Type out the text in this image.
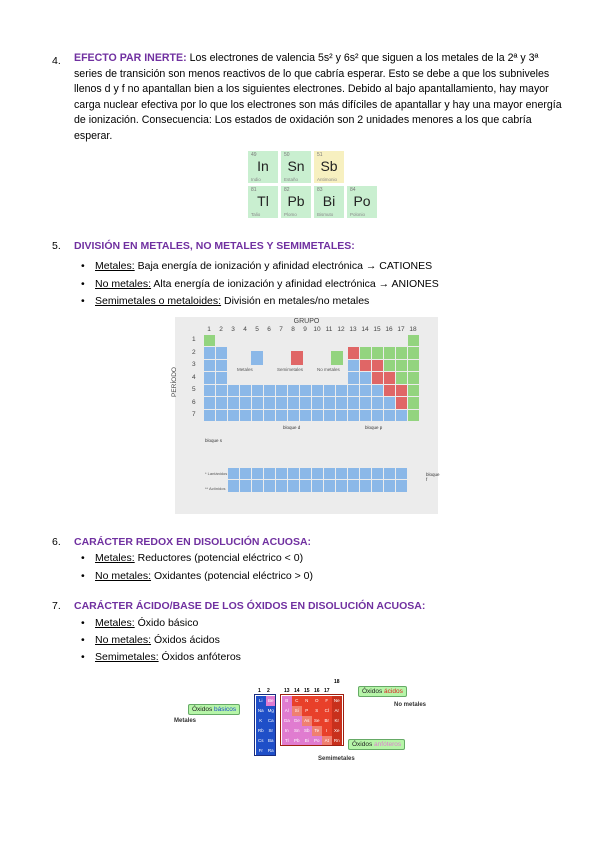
4. EFECTO PAR INERTE: Los electrones de valencia 5s² y 6s² que siguen a los metales de la 2ª y 3ª series de transición son menos reactivos de lo que cabría esperar. Esto se debe a que los subniveles llenos d y f no apantallan bien a los siguientes electrones. Debido al bajo apantallamiento, hay mayor carga nuclear efectiva por lo que los electrones son más difíciles de apantallar y hay una mayor energía de ionización. Consecuencia: Los estados de oxidación son 2 unidades menores a los que cabría esperar.
49
In
Indio
50
Sn
Estaño
51
Sb
Antimonio
81
Tl
Talio
82
Pb
Plomo
83
Bi
Bismuto
84
Po
Polonio
5. DIVISIÓN EN METALES, NO METALES Y SEMIMETALES:
• Metales: Baja energía de ionización y afinidad electrónica → CATIONES
• No metales: Alta energía de ionización y afinidad electrónica → ANIONES
• Semimetales o metaloides: División en metales/no metales
GRUPO
PERÍODO
1	2	3	4	5	6	7	8	9	10 11 12 13 14 15 16 17 18
1
2
3
4
5
6
7
Metales	Semimetales	No metales
bloque s
bloque d	bloque p
bloque f
* Lantánidos
** Actínidos
6. CARÁCTER REDOX EN DISOLUCIÓN ACUOSA:
• Metales: Reductores (potencial eléctrico < 0)
• No metales: Oxidantes (potencial eléctrico > 0)
7. CARÁCTER ÁCIDO/BASE DE LOS ÓXIDOS EN DISOLUCIÓN ACUOSA:
• Metales: Óxido básico
• No metales: Óxidos ácidos
• Semimetales: Óxidos anfóteros
Metales
No metales
Semimetales
Óxidos básicos
Óxidos ácidos
Óxidos anfóteros
1 2	13 14 15 16 17
18
Li	Be
Na Mg
K	Ca
Rb	Sr
Cs Ba
Fr	Ra
B	C	N	O	F	Ne
Al	Si	P	S	Cl	Ar
Ga Ge As	Se	Br	Kr
In	Sn Sb	Te	I	Xe
Tl	Pb	Bi	Po	At	Rn
